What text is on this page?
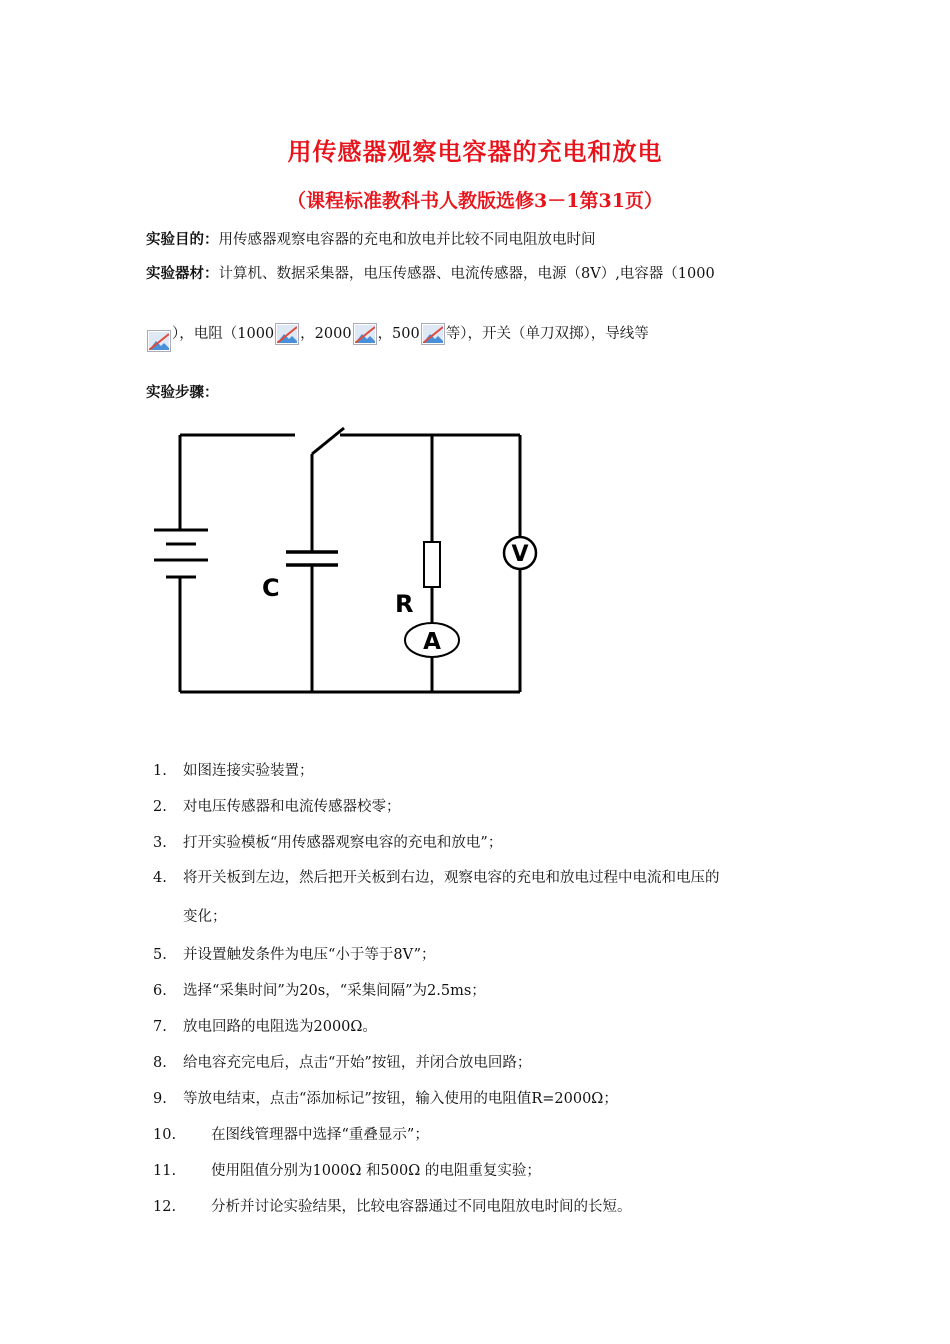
用传感器观察电容器的充电和放电
（课程标准教科书人教版选修3－1第31页）
实验目的：用传感器观察电容器的充电和放电并比较不同电阻放电时间
实验器材：计算机、数据采集器，电压传感器、电流传感器，电源（8V）,电容器（1000
），电阻（1000 ，2000 ，500 等），开关（单刀双掷），导线等
实验步骤：
C
R
A
V
1. 如图连接实验装置；
2. 对电压传感器和电流传感器校零；
3. 打开实验模板“用传感器观察电容的充电和放电”；
4. 将开关板到左边，然后把开关板到右边，观察电容的充电和放电过程中电流和电压的
变化；
5. 并设置触发条件为电压“小于等于8V”；
6. 选择“采集时间”为20s，“采集间隔”为2.5ms；
7. 放电回路的电阻选为2000Ω。
8. 给电容充完电后，点击“开始”按钮，并闭合放电回路；
9. 等放电结束，点击“添加标记”按钮，输入使用的电阻值R=2000Ω；
10. 在图线管理器中选择“重叠显示”；
11. 使用阻值分别为1000Ω 和500Ω 的电阻重复实验；
12. 分析并讨论实验结果，比较电容器通过不同电阻放电时间的长短。
